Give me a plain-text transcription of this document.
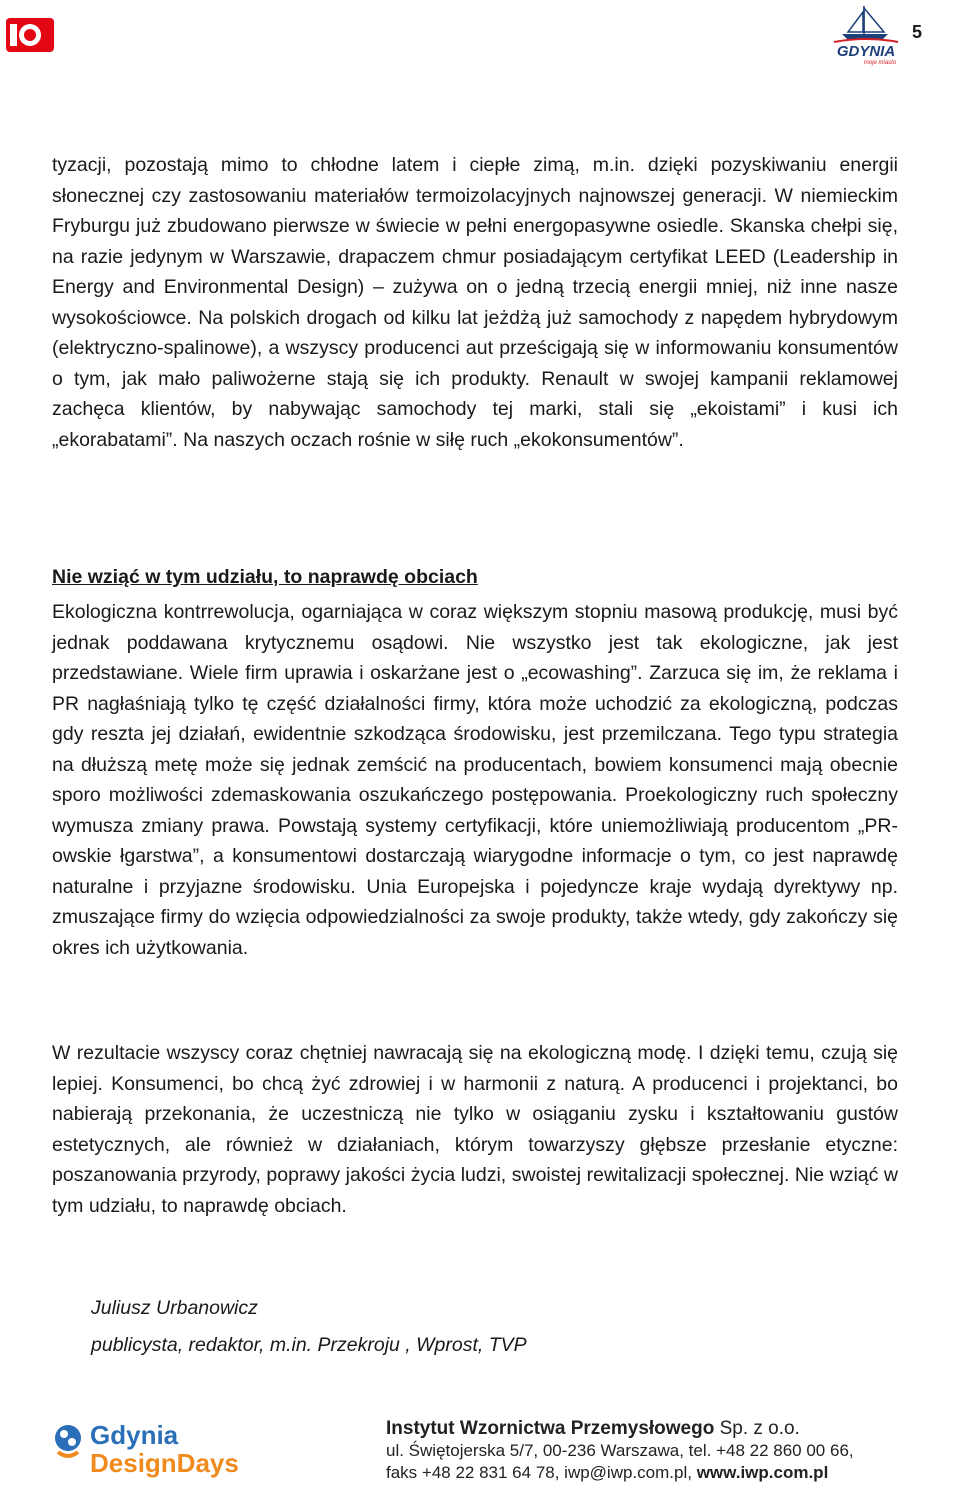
5
GDYNIA
moje miasto

tyzacji, pozostają mimo to chłodne latem i ciepłe zimą, m.in. dzięki pozyskiwaniu energii słonecznej czy zastosowaniu materiałów termoizolacyjnych najnowszej generacji. W niemieckim Fryburgu już zbudowano pierwsze w świecie w pełni energopasywne osiedle. Skanska chełpi się, na razie jedynym w Warszawie, drapaczem chmur posiadającym certyfikat LEED (Leadership in Energy and Environmental Design) – zużywa on o jedną trzecią energii mniej, niż inne nasze wysokościowce. Na polskich drogach od kilku lat jeżdżą już samochody z napędem hybrydowym (elektryczno-spalinowe), a wszyscy producenci aut prześcigają się w informowaniu konsumentów o tym, jak mało paliwożerne stają się ich produkty. Renault w swojej kampanii reklamowej zachęca klientów, by nabywając samochody tej marki, stali się „ekoistami” i kusi ich „ekorabatami”. Na naszych oczach rośnie w siłę ruch „ekokonsumentów”.

Nie wziąć w tym udziału, to naprawdę obciach

Ekologiczna kontrrewolucja, ogarniająca w coraz większym stopniu masową produkcję, musi być jednak poddawana krytycznemu osądowi. Nie wszystko jest tak ekologiczne, jak jest przedstawiane. Wiele firm uprawia i oskarżane jest o „ecowashing”. Zarzuca się im, że reklama i PR nagłaśniają tylko tę część działalności firmy, która może uchodzić za ekologiczną, podczas gdy reszta jej działań, ewidentnie szkodząca środowisku, jest przemilczana. Tego typu strategia na dłuższą metę może się jednak zemścić na producentach, bowiem konsumenci mają obecnie sporo możliwości zdemaskowania oszukańczego postępowania. Proekologiczny ruch społeczny wymusza zmiany prawa. Powstają systemy certyfikacji, które uniemożliwiają producentom „PR-owskie łgarstwa”, a konsumentowi dostarczają wiarygodne informacje o tym, co jest naprawdę naturalne i przyjazne środowisku. Unia Europejska i pojedyncze kraje wydają dyrektywy np. zmuszające firmy do wzięcia odpowiedzialności za swoje produkty, także wtedy, gdy zakończy się okres ich użytkowania.

W rezultacie wszyscy coraz chętniej nawracają się na ekologiczną modę. I dzięki temu, czują się lepiej. Konsumenci, bo chcą żyć zdrowiej i w harmonii z naturą. A producenci i projektanci, bo nabierają przekonania, że uczestniczą nie tylko w osiąganiu zysku i kształtowaniu gustów estetycznych, ale również w działaniach, którym towarzyszy głębsze przesłanie etyczne: poszanowania przyrody, poprawy jakości życia ludzi, swoistej rewitalizacji społecznej. Nie wziąć w tym udziału, to naprawdę obciach.

Juliusz Urbanowicz
publicysta, redaktor, m.in. Przekroju , Wprost, TVP
Gdynia
DesignDays
Instytut Wzornictwa Przemysłowego Sp. z o.o.
ul. Świętojerska 5/7, 00-236 Warszawa, tel. +48 22 860 00 66,
faks +48 22 831 64 78, iwp@iwp.com.pl, www.iwp.com.pl
